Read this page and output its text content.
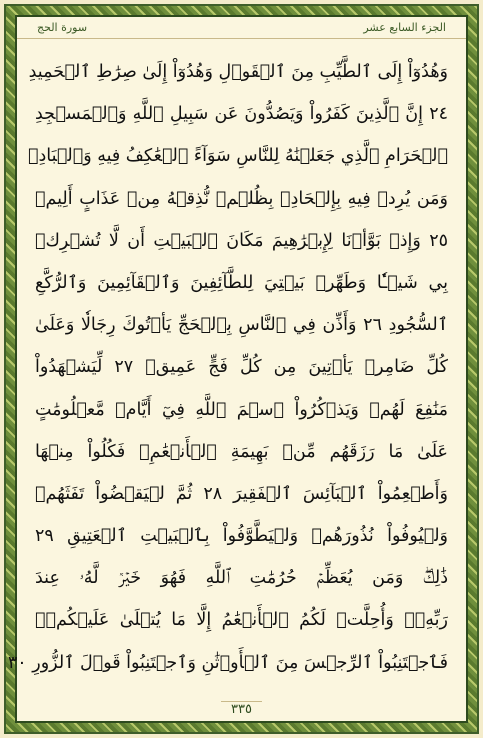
الجزء السابع عشر
سورة الحج
وَهُدُوٓاْ إِلَى ٱلطَّيِّبِ مِنَ ٱلۡقَوۡلِ وَهُدُوٓاْ إِلَىٰ صِرَٰطِ ٱلۡحَمِيدِ
٢٤ إِنَّ ٱلَّذِينَ كَفَرُواْ وَيَصُدُّونَ عَن سَبِيلِ ٱللَّهِ وَٱلۡمَسۡجِدِ
ٱلۡحَرَامِ ٱلَّذِي جَعَلۡنَٰهُ لِلنَّاسِ سَوَآءً ٱلۡعَٰكِفُ فِيهِ وَٱلۡبَادِۚ
وَمَن يُرِدۡ فِيهِ بِإِلۡحَادِۭ بِظُلۡمٖ نُّذِقۡهُ مِنۡ عَذَابٍ أَلِيمٖ
٢٥ وَإِذۡ بَوَّأۡنَا لِإِبۡرَٰهِيمَ مَكَانَ ٱلۡبَيۡتِ أَن لَّا تُشۡرِكۡ
بِي شَيۡـٔٗا وَطَهِّرۡ بَيۡتِيَ لِلطَّآئِفِينَ وَٱلۡقَآئِمِينَ وَٱلرُّكَّعِ
ٱلسُّجُودِ ٢٦ وَأَذِّن فِي ٱلنَّاسِ بِٱلۡحَجِّ يَأۡتُوكَ رِجَالٗا وَعَلَىٰ
كُلِّ ضَامِرٖ يَأۡتِينَ مِن كُلِّ فَجٍّ عَمِيقٖ ٢٧ لِّيَشۡهَدُواْ
مَنَٰفِعَ لَهُمۡ وَيَذۡكُرُواْ ٱسۡمَ ٱللَّهِ فِيٓ أَيَّامٖ مَّعۡلُومَٰتٍ
عَلَىٰ مَا رَزَقَهُم مِّنۢ بَهِيمَةِ ٱلۡأَنۡعَٰمِۖ فَكُلُواْ مِنۡهَا
وَأَطۡعِمُواْ ٱلۡبَآئِسَ ٱلۡفَقِيرَ ٢٨ ثُمَّ لۡيَقۡضُواْ تَفَثَهُمۡ
وَلۡيُوفُواْ نُذُورَهُمۡ وَلۡيَطَّوَّفُواْ بِٱلۡبَيۡتِ ٱلۡعَتِيقِ ٢٩
ذَٰلِكَۖ وَمَن يُعَظِّمۡ حُرُمَٰتِ ٱللَّهِ فَهُوَ خَيۡرٞ لَّهُۥ عِندَ
رَبِّهِۦۗ وَأُحِلَّتۡ لَكُمُ ٱلۡأَنۡعَٰمُ إِلَّا مَا يُتۡلَىٰ عَلَيۡكُمۡۖ
فَٱجۡتَنِبُواْ ٱلرِّجۡسَ مِنَ ٱلۡأَوۡثَٰنِ وَٱجۡتَنِبُواْ قَوۡلَ ٱلزُّورِ ٣٠
٣٣٥
